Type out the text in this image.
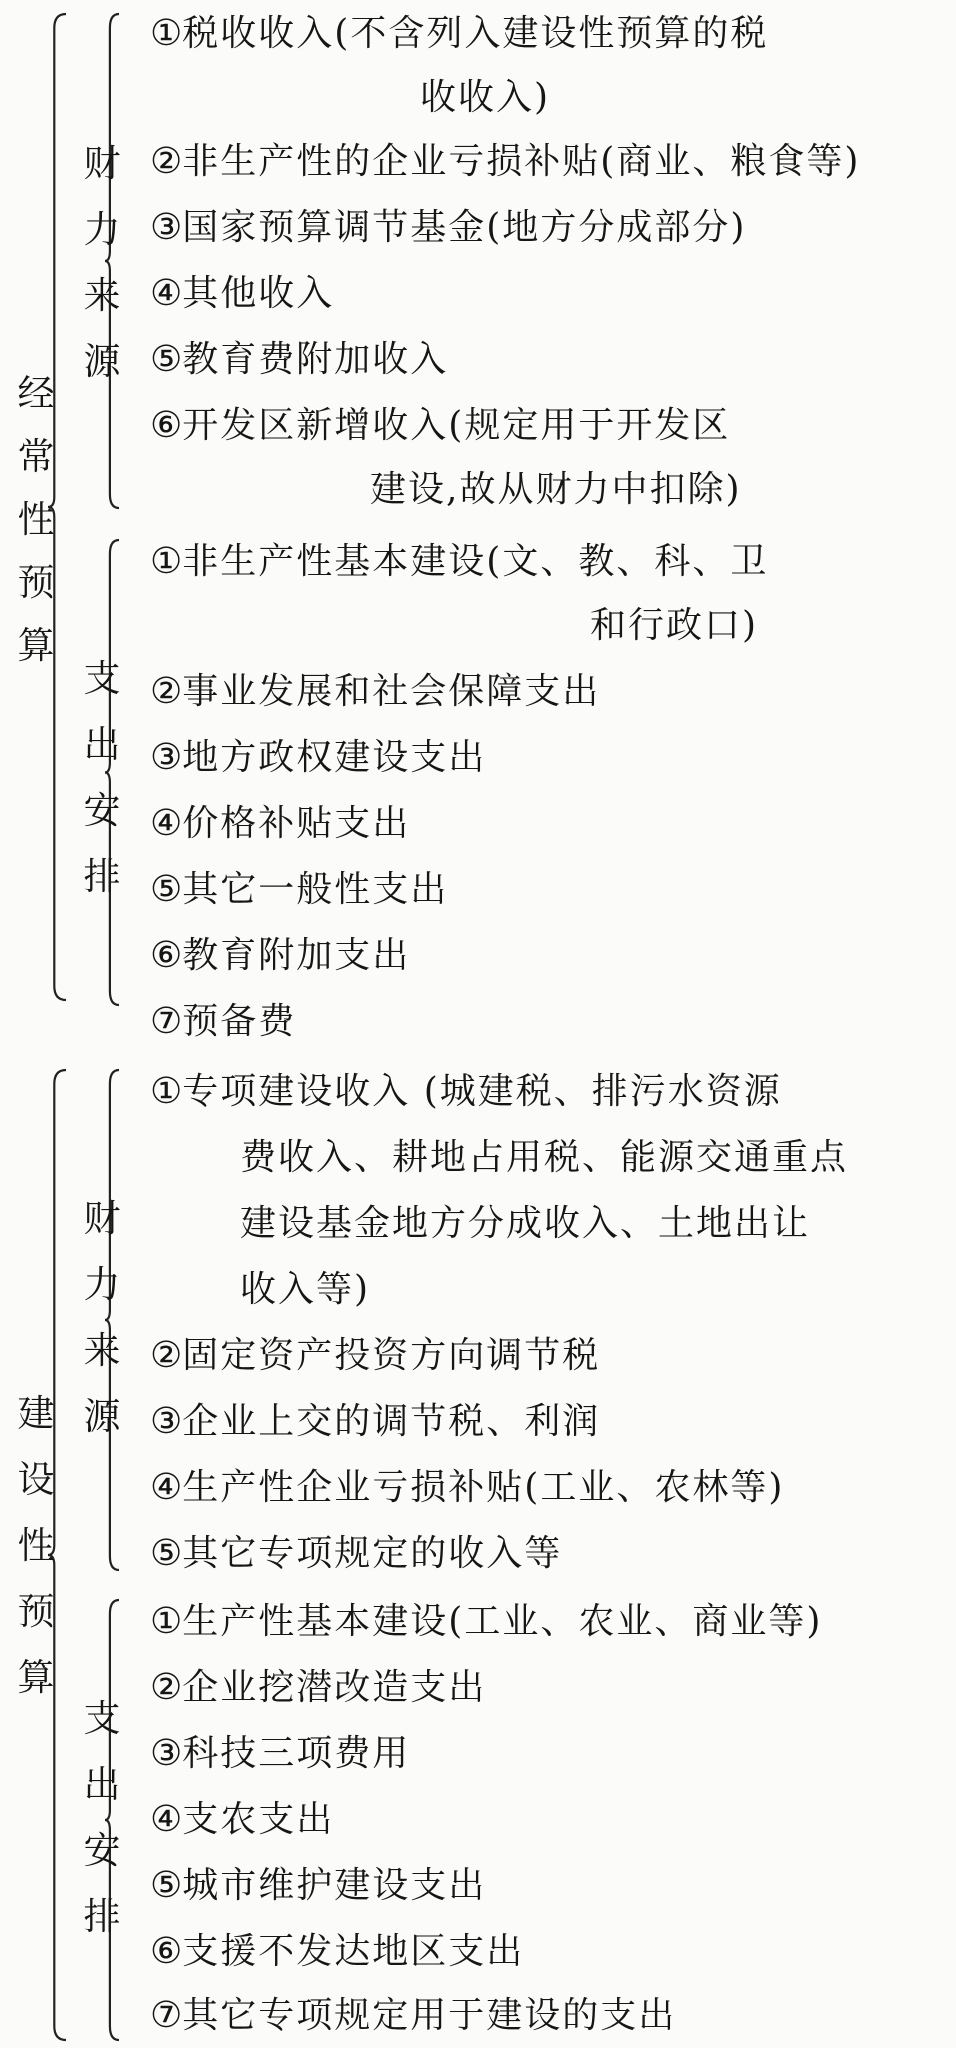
经
常
性
预
算
财
力
来
源
①税收收入(不含列入建设性预算的税
收收入)
②非生产性的企业亏损补贴(商业、粮食等)
③国家预算调节基金(地方分成部分)
④其他收入
⑤教育费附加收入
⑥开发区新增收入(规定用于开发区
建设,故从财力中扣除)
支
出
安
排
①非生产性基本建设(文、教、科、卫
和行政口)
②事业发展和社会保障支出
③地方政权建设支出
④价格补贴支出
⑤其它一般性支出
⑥教育附加支出
⑦预备费
建
设
性
预
算
财
力
来
源
①专项建设收入 (城建税、排污水资源
费收入、耕地占用税、能源交通重点
建设基金地方分成收入、土地出让
收入等)
②固定资产投资方向调节税
③企业上交的调节税、利润
④生产性企业亏损补贴(工业、农林等)
⑤其它专项规定的收入等
支
出
安
排
①生产性基本建设(工业、农业、商业等)
②企业挖潜改造支出
③科技三项费用
④支农支出
⑤城市维护建设支出
⑥支援不发达地区支出
⑦其它专项规定用于建设的支出
